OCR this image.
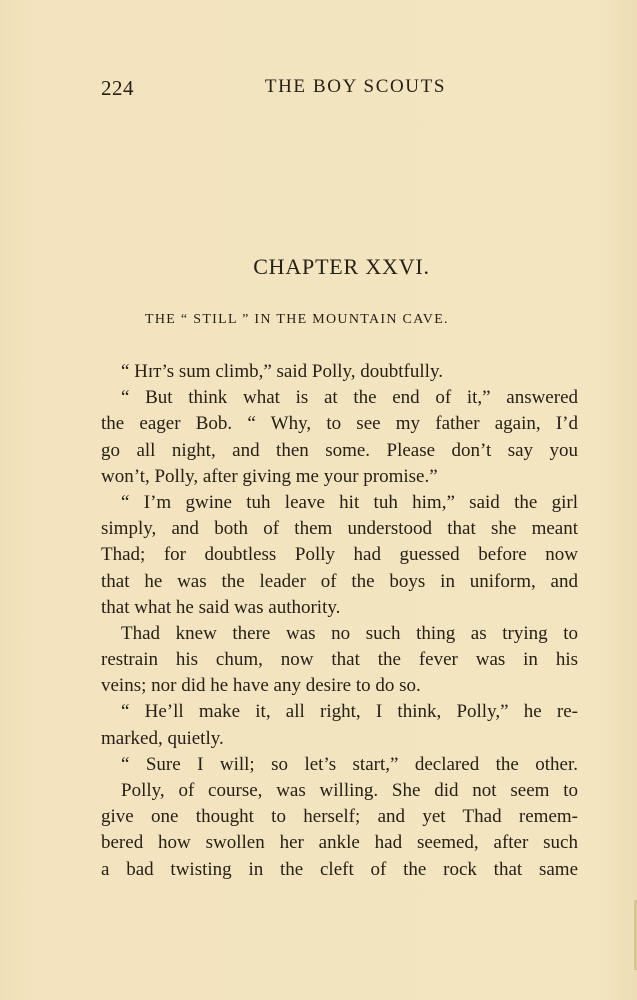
224	THE BOY SCOUTS
CHAPTER XXVI.
THE “ STILL ” IN THE MOUNTAIN CAVE.
“ Hɪᴛ’s sum climb,” said Polly, doubtfully.
“ But think what is at the end of it,” answered
the eager Bob. “ Why, to see my father again, I’d
go all night, and then some. Please don’t say you
won’t, Polly, after giving me your promise.”
“ I’m gwine tuh leave hit tuh him,” said the girl
simply, and both of them understood that she meant
Thad; for doubtless Polly had guessed before now
that he was the leader of the boys in uniform, and
that what he said was authority.
Thad knew there was no such thing as trying to
restrain his chum, now that the fever was in his
veins; nor did he have any desire to do so.
“ He’ll make it, all right, I think, Polly,” he re-
marked, quietly.
“ Sure I will; so let’s start,” declared the other.
Polly, of course, was willing. She did not seem to
give one thought to herself; and yet Thad remem-
bered how swollen her ankle had seemed, after such
a bad twisting in the cleft of the rock that same
